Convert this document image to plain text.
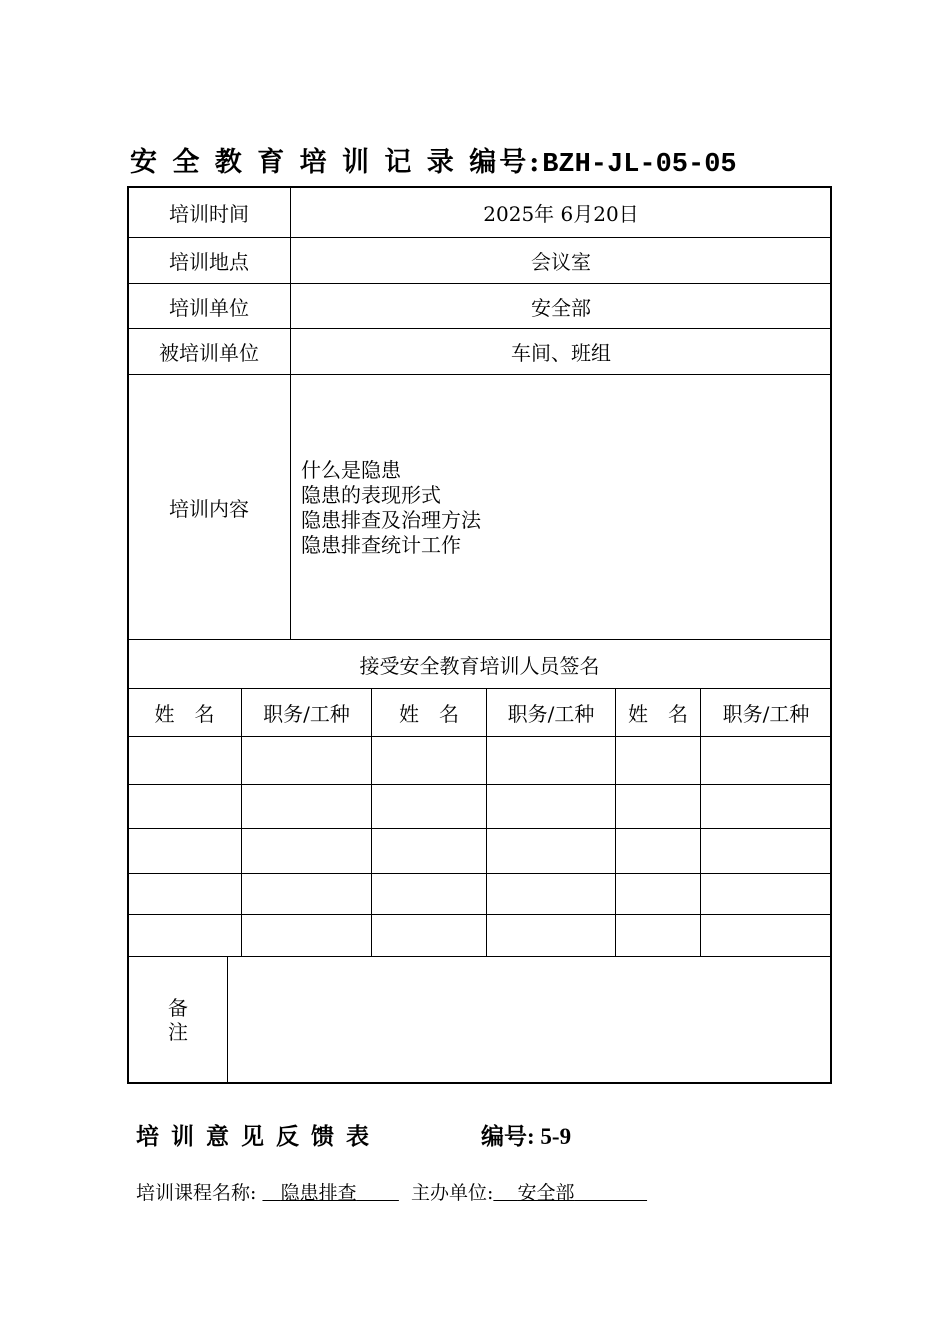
安 全 教 育 培 训 记 录 编号:BZH-JL-05-05
培训时间	2025年 6月20日
培训地点	会议室
培训单位	安全部
被培训单位	车间、班组
培训内容
什么是隐患
隐患的表现形式
隐患排查及治理方法
隐患排查统计工作
接受安全教育培训人员签名
姓　名	职务/工种	姓　名	职务/工种	姓　名	职务/工种
备
注
培 训 意 见 反 馈 表	编号: 5-9
培训课程名称: 隐患排查	主办单位: 安全部
